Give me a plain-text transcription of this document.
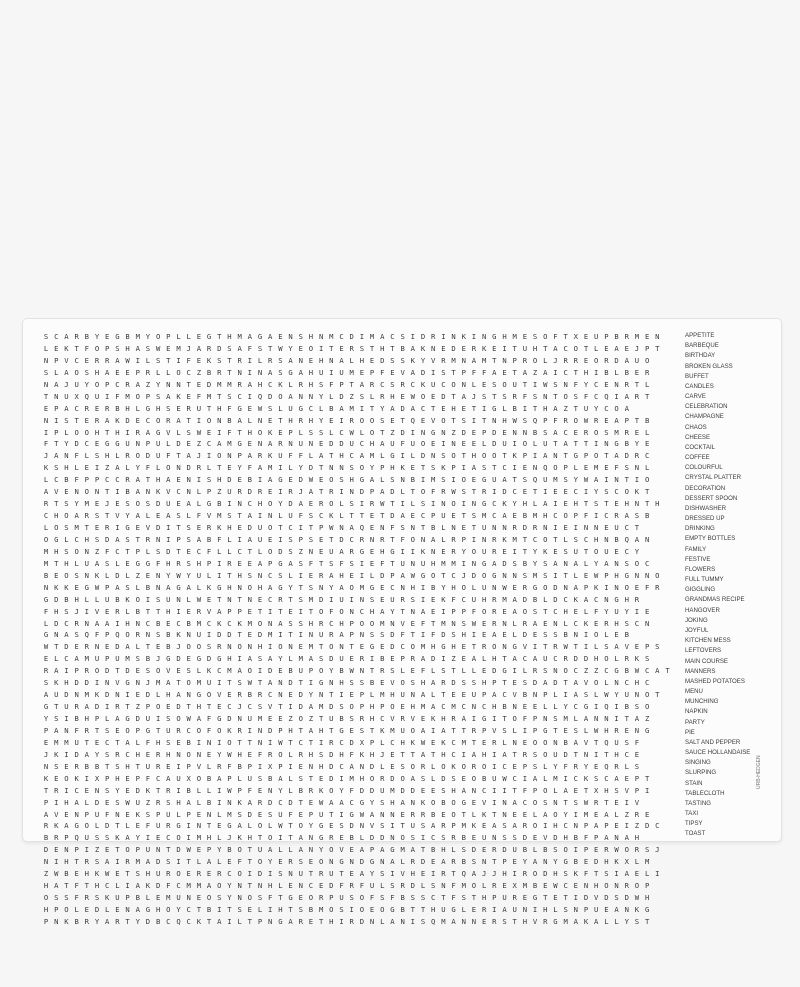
S C A R B Y E G B M Y O P L L E G T H M A G A E N S H N M C D I M A C S I D R I N K I N G H M E S O F T X E U P B R M E N
L E K T F O P S H A S W E M J A R D S A F S T W Y E O I T E R S T H T B A K N E D E R K E I T U H T A C O T L E A E J P T
N P V C E R R A W I L S T I F E K S T R I L R S A N E H N A L H E D S S K Y V R M N A M T N P R O L J R R E O R D A U O
S L A O S H A E E P R L L O C Z B R T N I N A S G A H U I U M E P F E V A D I S T P F F A E T A Z A I C T H I B L B E R
N A J U Y O P C R A Z Y N N T E D M M R A H C K L R H S F P T A R C S R C K U C O N L E S O U T I W S N F Y C E N R T L
T N U X Q U I F M O P S A K E F M T S C I Q D O A N N Y L D Z S L R H E W O E D T A J S T S R F S N T O S F C Q I A R T
E P A C R E R B H L G H S E R U T H F G E W S L U G C L B A M I T Y A D A C T E H E T I G L B I T H A Z T U Y C O A
N I S T E R A K D E C O R A T I O N B A L N E T H R H Y E I R O O S E T Q E V O T S I T N H W S Q P F R O W R E A P T B
I P L O O H T H I R A G V L S W E I F T H O K E P L S S L C W L O T Z D I N G N Z D E P D E N N B S A C E R O S M R E L
F T Y D C E G G U N P U L D E Z C A M G E N A R N U N E D D U C H A U F U O E I N E E L D U I O L U T A T T I N G B Y E
J A N F L S H L R O D U F T A J I O N P A R K U F F L A T H C A M L G I L D N S O T H O O T K P I A N T G P O T A D R C
K S H L E I Z A L Y F L O N D R L T E Y F A M I L Y D T N N S O Y P H K E T S K P I A S T C I E N Q O P L E M E F S N L
L C B F P P C C R A T H A E N I S H D E B I A G E D W E O S H G A L S N B I M S I O E G U A T S Q U M S Y W A I N T I O
A V E N O N T I B A N K V C N L P Z U R D R E I R J A T R I N D P A D L T O F R W S T R I D C E T I E E C I Y S C O K T
R T S Y M E J E S O S D U E A L G B I N C H O Y D A E R O L S I R W T I L S I N O I N G C K Y H L A I E H T S T E H N T H
C H O A R S T V Y A L E A S L F V M S T A I N L U F S C K L T T E T D A E C P U E T S M C A E B M H C O P F I C R A S B
L O S M T E R I G E V D I T S E R K H E D U O T C I T P W N A Q E N F S N T B L N E T U N N R D R N I E I N N E U C T
O G L C H S D A S T R N I P S A B F L I A U E I S P S E T D C R N R T F O N A L R P I N R K M T C O T L S C H N B Q A N
M H S O N Z F C T P L S D T E C F L L C T L O D S Z N E U A R G E H G I I K N E R Y O U R E I T Y K E S U T O U E C Y
M T H L U A S L E G G F H R S H P I R E E A P G A S F T S F S I E F T U N U H M M I N G A D S B Y S A N A L Y A N S O C
B E O S N K L D L Z E N Y W Y U L I T H S N C S L I E R A H E I L D P A W G O T C J D O G N N S M S I T L E W P H G N N O
N K K E G W P A S L B N A G A L K G H N O H A G Y T S N Y A O M G E C N H I B Y H O L U N W E R G O D N A P K I N O E F R
G D B H L L U B K O I S U N L W E T N T N E C R T S M D I U I N S E U R S I E K F C U H R M A D B L D C K A C N G H R
F H S J I V E R L B T T H I E R V A P P E T I T E I T O F O N C H A Y T N A E I P P F O R E A O S T C H E L F Y U Y I E
L D C R N A A I H N C B E C B M C K C K M O N A S S H R C H P O O M N V E F T M N S W E R N L R A E N L C K E R H S C N
G N A S Q F P Q O R N S B K N U I D D T E D M I T I N U R A P N S S D F T I F D S H I E A E L D E S S B N I O L E B
W T D E R N E D A L T E B J O O S R N O N H I O N E M T O N T E G E D C O M H G H E T R O N G V I T R W T I L S A V E P S
E L C A M U P U M S B J G D E G D G H I A S A Y L M A S D U E R I B E P R A D I Z E A L H T A C A U C R D D H O L R K S
R A I P R O D T D E S O V E S L K C M A O I D E B U P O Y B W N T R S L E F L S T L L E D G I L R S N O C Z Z C G B W C A T
S K H D D I N V G N J M A T O M U I T S W T A N D T I G N H S S B E V O S H A R D S S H P T E S D A D T A V O L N C H C
A U D N M K D N I E D L H A N G O V E R B R C N E D Y N T I E P L M H U N A L T E E U P A C V B N P L I A S L W Y U N O T
G T U R A D I R T Z P O E D T H T E C J C S V T I D A M D S O P H P O E H M A C M C N C H B N E E L L Y C G I Q I B S O
Y S I B H P L A G D U I S O W A F G D N U M E E Z O Z T U B S R H C V R V E K H R A I G I T O F P N S M L A N N I T A Z
P A N F R T S E O P G T U R C O F O K R I N D P H T A H T G E S T K M U O A I A T T R P V S L I P G T E S L W H R E N G
E M M U T E C T A L F H S E B I N I O T T N I W T C T I R C D X P L C H K W E K C M T E R L N E O O N B A V T Q U S F
J K I D A Y S R C H E R H N O N E Y W H E F R O L R H S D H F K H J E T T A T H C I A H I A T R S O U D T N I T H C E
N S E R B B T S H T U R E I P V L R F B P I X P I E N H D C A N D L E S O R L O K O R O I C E P S L Y F R Y E Q R L S
K E O K I X P H E P F C A U X O B A P L U S B A L S T E D I M H O R D O A S L D S E O B U W C I A L M I C K S C A E P T
T R I C E N S Y E D K T R I B L L I W P F E N Y L B R K O Y F D D U M D D E E S H A N C I I T F P O L A E T X H S V P I
P I H A L D E S W U Z R S H A L B I N K A R D C D T E W A A C G Y S H A N K O B O G E V I N A C O S N T S W R T E I V
A V E N P U F N E K S P U L P E N L M S D E S U F E P U T I G W A N N E R R B E O T L K T N E E L A O Y I M E A L Z R E
R K A G O L D T L E F U R G I N T E G A L O L W T O Y G E S D N V S I T U S A R P M K E A S A R O I H C N P A P E I Z D C
B R P Q U S S K A Y I E C O I M H L J K H T O I T A N G R E B L D D N O S I C S R B E U N S S D E V D H B F P A N A H
D E N P I Z E T O P U N T D W E P Y B O T U A L L A N Y O V E A P A G M A T B H L S D E R D U B L B S O I P E R W O R S J
N I H T R S A I R M A D S I T L A L E F T O Y E R S E O N G N D G N A L R D E A R B S N T P E Y A N Y G B E D H K X L M
Z W B E H K W E T S H U R O E R E R C O I D I S N U T R U T E A Y S I V H E I R T Q A J J H I R O D H S K F T S I A E L I
H A T F T H C L I A K D F C M M A O Y N T N H L E N C E D F R F U L S R D L S N F M O L R E X M B E W C E N H O N R O P
O S S F R S K U P B L E M U N E O S Y N O S F T G E O R P U S O F S F B S S C T F S T H P U R E G T E T I D V D S D W H
H P O L E D L E N A G H O Y C T B I T S E L I H T S B M O S I O E O G B T T H U G L E R I A U N I H L S N P U E A N K G
P N K B R Y A R T Y D B C Q C K T A I L T P N G A R E T H I R D N L A N I S Q M A N N E R S T H V R G M A K A L L Y S T
APPETITE
BARBEQUE
BIRTHDAY
BROKEN GLASS
BUFFET
CANDLES
CARVE
CELEBRATION
CHAMPAGNE
CHAOS
CHEESE
COCKTAIL
COFFEE
COLOURFUL
CRYSTAL PLATTER
DECORATION
DESSERT SPOON
DISHWASHER
DRESSED UP
DRINKING
EMPTY BOTTLES
FAMILY
FESTIVE
FLOWERS
FULL TUMMY
GIGGLING
GRANDMAS RECIPE
HANGOVER
JOKING
JOYFUL
KITCHEN MESS
LEFTOVERS
MAIN COURSE
MANNERS
MASHED POTATOES
MENU
MUNCHING
NAPKIN
PARTY
PIE
SALT AND PEPPER
SAUCE HOLLANDAISE
SINGING
SLURPING
STAIN
TABLECLOTH
TASTING
TAXI
TIPSY
TOAST
URB-HEDGEN
